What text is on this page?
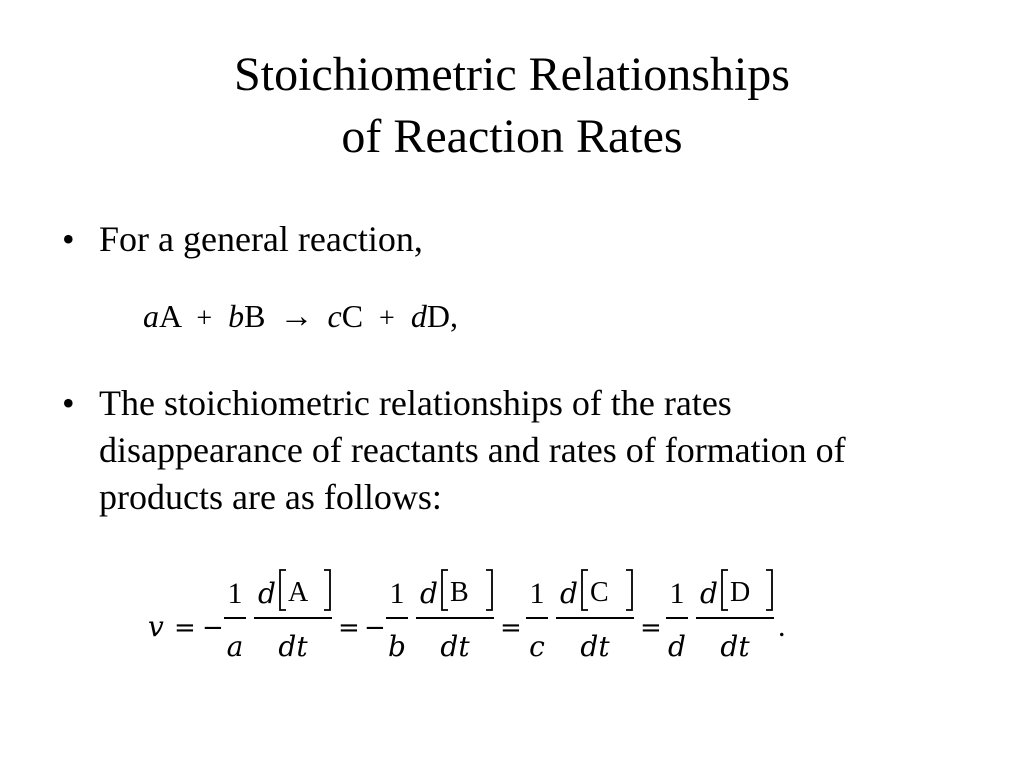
Stoichiometric Relationships
of Reaction Rates
• For a general reaction,
aA + bB → cC + dD,
• The stoichiometric relationships of the rates disappearance of reactants and rates of formation of products are as follows:
v = −
1
a
d A
dt
= −
1
b
d B
dt
=
1
c
d C
dt
=
1
d
d D
dt
.
